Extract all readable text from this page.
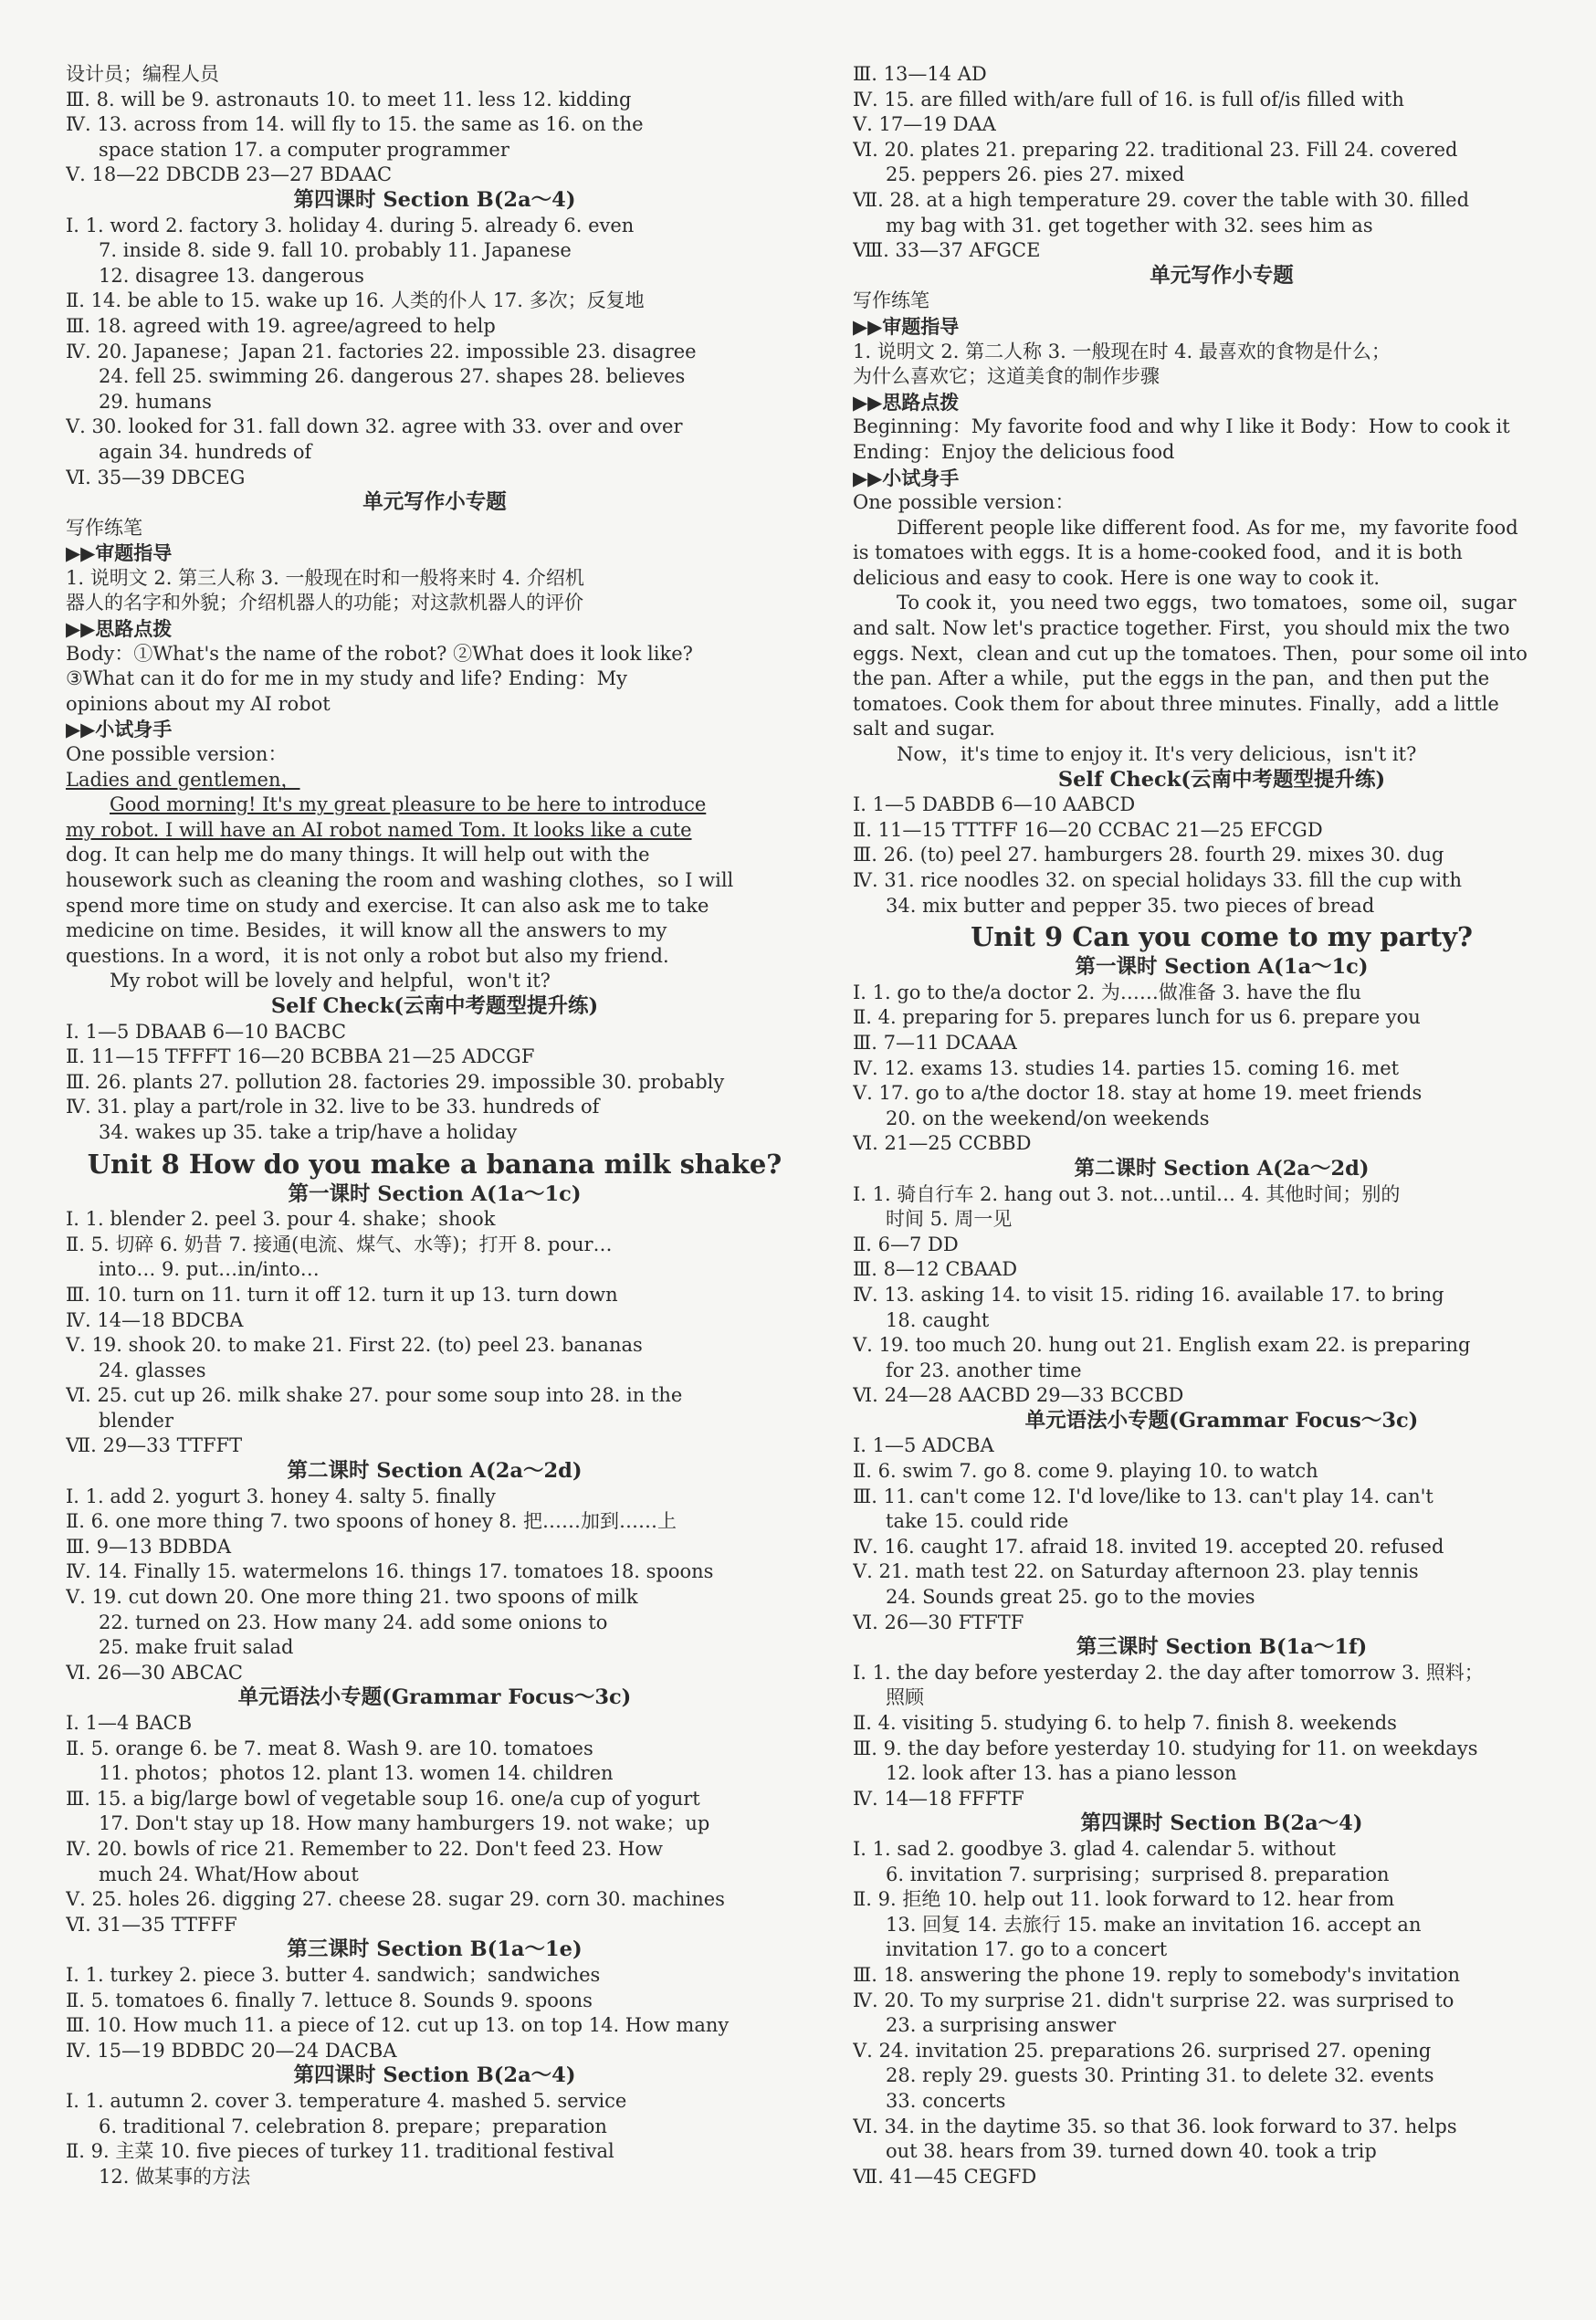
设计员；编程人员
Ⅲ. 8. will be 9. astronauts 10. to meet 11. less 12. kidding
Ⅳ. 13. across from 14. will fly to 15. the same as 16. on the
space station 17. a computer programmer
Ⅴ. 18—22 DBCDB 23—27 BDAAC
第四课时 Section B(2a～4)
Ⅰ. 1. word 2. factory 3. holiday 4. during 5. already 6. even
7. inside 8. side 9. fall 10. probably 11. Japanese
12. disagree 13. dangerous
Ⅱ. 14. be able to 15. wake up 16. 人类的仆人 17. 多次；反复地
Ⅲ. 18. agreed with 19. agree/agreed to help
Ⅳ. 20. Japanese；Japan 21. factories 22. impossible 23. disagree
24. fell 25. swimming 26. dangerous 27. shapes 28. believes
29. humans
Ⅴ. 30. looked for 31. fall down 32. agree with 33. over and over
again 34. hundreds of
Ⅵ. 35—39 DBCEG
单元写作小专题
写作练笔
▶▶审题指导
1. 说明文 2. 第三人称 3. 一般现在时和一般将来时 4. 介绍机
器人的名字和外貌；介绍机器人的功能；对这款机器人的评价
▶▶思路点拨
Body：①What's the name of the robot? ②What does it look like?
③What can it do for me in my study and life? Ending：My
opinions about my AI robot
▶▶小试身手
One possible version：
Ladies and gentlemen，
Good morning! It's my great pleasure to be here to introduce
my robot. I will have an AI robot named Tom. It looks like a cute
dog. It can help me do many things. It will help out with the
housework such as cleaning the room and washing clothes，so I will
spend more time on study and exercise. It can also ask me to take
medicine on time. Besides，it will know all the answers to my
questions. In a word，it is not only a robot but also my friend.
My robot will be lovely and helpful，won't it?
Self Check(云南中考题型提升练)
Ⅰ. 1—5 DBAAB 6—10 BACBC
Ⅱ. 11—15 TFFFT 16—20 BCBBA 21—25 ADCGF
Ⅲ. 26. plants 27. pollution 28. factories 29. impossible 30. probably
Ⅳ. 31. play a part/role in 32. live to be 33. hundreds of
34. wakes up 35. take a trip/have a holiday
Unit 8 How do you make a banana milk shake?
第一课时 Section A(1a～1c)
Ⅰ. 1. blender 2. peel 3. pour 4. shake；shook
Ⅱ. 5. 切碎 6. 奶昔 7. 接通(电流、煤气、水等)；打开 8. pour…
into… 9. put…in/into…
Ⅲ. 10. turn on 11. turn it off 12. turn it up 13. turn down
Ⅳ. 14—18 BDCBA
Ⅴ. 19. shook 20. to make 21. First 22. (to) peel 23. bananas
24. glasses
Ⅵ. 25. cut up 26. milk shake 27. pour some soup into 28. in the
blender
Ⅶ. 29—33 TTFFT
第二课时 Section A(2a～2d)
Ⅰ. 1. add 2. yogurt 3. honey 4. salty 5. finally
Ⅱ. 6. one more thing 7. two spoons of honey 8. 把……加到……上
Ⅲ. 9—13 BDBDA
Ⅳ. 14. Finally 15. watermelons 16. things 17. tomatoes 18. spoons
Ⅴ. 19. cut down 20. One more thing 21. two spoons of milk
22. turned on 23. How many 24. add some onions to
25. make fruit salad
Ⅵ. 26—30 ABCAC
单元语法小专题(Grammar Focus～3c)
Ⅰ. 1—4 BACB
Ⅱ. 5. orange 6. be 7. meat 8. Wash 9. are 10. tomatoes
11. photos；photos 12. plant 13. women 14. children
Ⅲ. 15. a big/large bowl of vegetable soup 16. one/a cup of yogurt
17. Don't stay up 18. How many hamburgers 19. not wake；up
Ⅳ. 20. bowls of rice 21. Remember to 22. Don't feed 23. How
much 24. What/How about
Ⅴ. 25. holes 26. digging 27. cheese 28. sugar 29. corn 30. machines
Ⅵ. 31—35 TTFFF
第三课时 Section B(1a～1e)
Ⅰ. 1. turkey 2. piece 3. butter 4. sandwich；sandwiches
Ⅱ. 5. tomatoes 6. finally 7. lettuce 8. Sounds 9. spoons
Ⅲ. 10. How much 11. a piece of 12. cut up 13. on top 14. How many
Ⅳ. 15—19 BDBDC 20—24 DACBA
第四课时 Section B(2a～4)
Ⅰ. 1. autumn 2. cover 3. temperature 4. mashed 5. service
6. traditional 7. celebration 8. prepare；preparation
Ⅱ. 9. 主菜 10. five pieces of turkey 11. traditional festival
12. 做某事的方法
Ⅲ. 13—14 AD
Ⅳ. 15. are filled with/are full of 16. is full of/is filled with
Ⅴ. 17—19 DAA
Ⅵ. 20. plates 21. preparing 22. traditional 23. Fill 24. covered
25. peppers 26. pies 27. mixed
Ⅶ. 28. at a high temperature 29. cover the table with 30. filled
my bag with 31. get together with 32. sees him as
Ⅷ. 33—37 AFGCE
单元写作小专题
写作练笔
▶▶审题指导
1. 说明文 2. 第二人称 3. 一般现在时 4. 最喜欢的食物是什么；
为什么喜欢它；这道美食的制作步骤
▶▶思路点拨
Beginning：My favorite food and why I like it Body：How to cook it
Ending：Enjoy the delicious food
▶▶小试身手
One possible version：
Different people like different food. As for me，my favorite food
is tomatoes with eggs. It is a home-cooked food，and it is both
delicious and easy to cook. Here is one way to cook it.
To cook it，you need two eggs，two tomatoes，some oil，sugar
and salt. Now let's practice together. First，you should mix the two
eggs. Next，clean and cut up the tomatoes. Then，pour some oil into
the pan. After a while，put the eggs in the pan，and then put the
tomatoes. Cook them for about three minutes. Finally，add a little
salt and sugar.
Now，it's time to enjoy it. It's very delicious，isn't it?
Self Check(云南中考题型提升练)
Ⅰ. 1—5 DABDB 6—10 AABCD
Ⅱ. 11—15 TTTFF 16—20 CCBAC 21—25 EFCGD
Ⅲ. 26. (to) peel 27. hamburgers 28. fourth 29. mixes 30. dug
Ⅳ. 31. rice noodles 32. on special holidays 33. fill the cup with
34. mix butter and pepper 35. two pieces of bread
Unit 9 Can you come to my party?
第一课时 Section A(1a～1c)
Ⅰ. 1. go to the/a doctor 2. 为……做准备 3. have the flu
Ⅱ. 4. preparing for 5. prepares lunch for us 6. prepare you
Ⅲ. 7—11 DCAAA
Ⅳ. 12. exams 13. studies 14. parties 15. coming 16. met
Ⅴ. 17. go to a/the doctor 18. stay at home 19. meet friends
20. on the weekend/on weekends
Ⅵ. 21—25 CCBBD
第二课时 Section A(2a～2d)
Ⅰ. 1. 骑自行车 2. hang out 3. not…until… 4. 其他时间；别的
时间 5. 周一见
Ⅱ. 6—7 DD
Ⅲ. 8—12 CBAAD
Ⅳ. 13. asking 14. to visit 15. riding 16. available 17. to bring
18. caught
Ⅴ. 19. too much 20. hung out 21. English exam 22. is preparing
for 23. another time
Ⅵ. 24—28 AACBD 29—33 BCCBD
单元语法小专题(Grammar Focus～3c)
Ⅰ. 1—5 ADCBA
Ⅱ. 6. swim 7. go 8. come 9. playing 10. to watch
Ⅲ. 11. can't come 12. I'd love/like to 13. can't play 14. can't
take 15. could ride
Ⅳ. 16. caught 17. afraid 18. invited 19. accepted 20. refused
Ⅴ. 21. math test 22. on Saturday afternoon 23. play tennis
24. Sounds great 25. go to the movies
Ⅵ. 26—30 FTFTF
第三课时 Section B(1a～1f)
Ⅰ. 1. the day before yesterday 2. the day after tomorrow 3. 照料；
照顾
Ⅱ. 4. visiting 5. studying 6. to help 7. finish 8. weekends
Ⅲ. 9. the day before yesterday 10. studying for 11. on weekdays
12. look after 13. has a piano lesson
Ⅳ. 14—18 FFFTF
第四课时 Section B(2a～4)
Ⅰ. 1. sad 2. goodbye 3. glad 4. calendar 5. without
6. invitation 7. surprising；surprised 8. preparation
Ⅱ. 9. 拒绝 10. help out 11. look forward to 12. hear from
13. 回复 14. 去旅行 15. make an invitation 16. accept an
invitation 17. go to a concert
Ⅲ. 18. answering the phone 19. reply to somebody's invitation
Ⅳ. 20. To my surprise 21. didn't surprise 22. was surprised to
23. a surprising answer
Ⅴ. 24. invitation 25. preparations 26. surprised 27. opening
28. reply 29. guests 30. Printing 31. to delete 32. events
33. concerts
Ⅵ. 34. in the daytime 35. so that 36. look forward to 37. helps
out 38. hears from 39. turned down 40. took a trip
Ⅶ. 41—45 CEGFD
